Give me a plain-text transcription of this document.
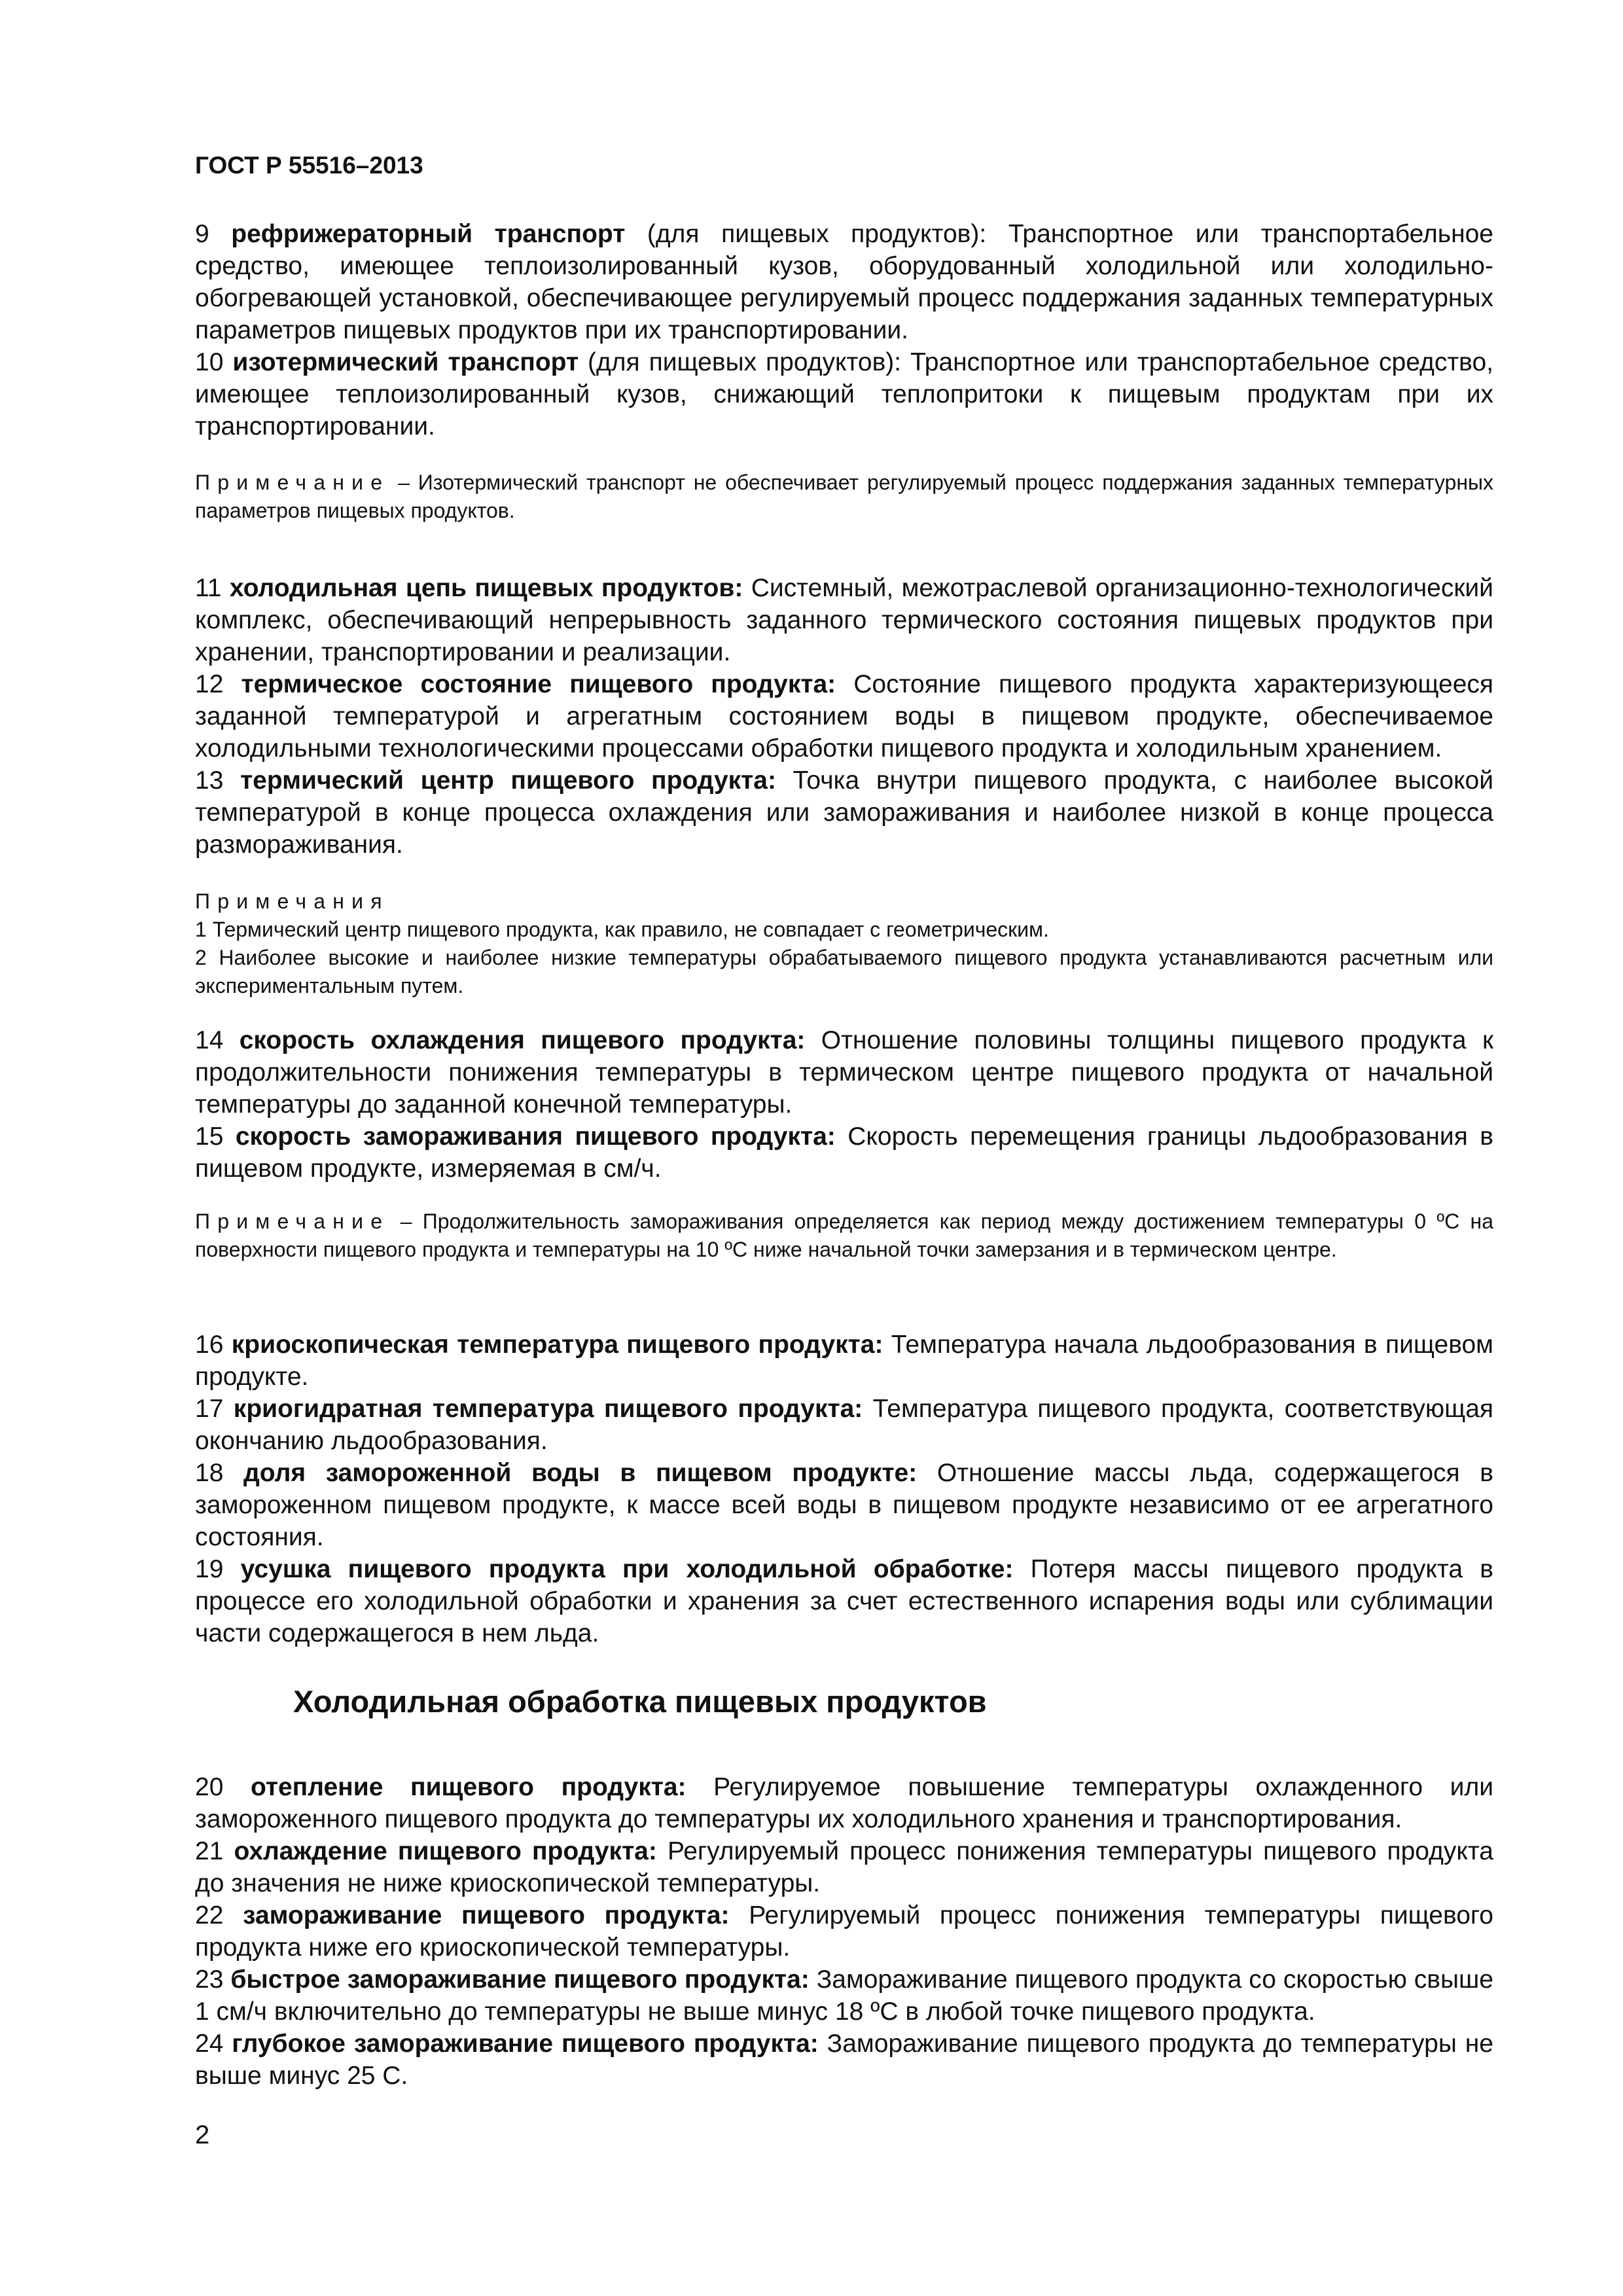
ГОСТ Р 55516–2013

9 рефрижераторный транспорт (для пищевых продуктов): Транспортное или транспортабельное средство, имеющее теплоизолированный кузов, оборудованный холодильной или холодильно-обогревающей установкой, обеспечивающее регулируемый процесс поддержания заданных температурных параметров пищевых продуктов при их транспортировании.

10 изотермический транспорт (для пищевых продуктов): Транспортное или транспортабельное средство, имеющее теплоизолированный кузов, снижающий теплопритоки к пищевым продуктам при их транспортировании.

Примечание – Изотермический транспорт не обеспечивает регулируемый процесс поддержания заданных температурных параметров пищевых продуктов.

11 холодильная цепь пищевых продуктов: Системный, межотраслевой организационно-технологический комплекс, обеспечивающий непрерывность заданного термического состояния пищевых продуктов при хранении, транспортировании и реализации.

12 термическое состояние пищевого продукта: Состояние пищевого продукта характеризующееся заданной температурой и агрегатным состоянием воды в пищевом продукте, обеспечиваемое холодильными технологическими процессами обработки пищевого продукта и холодильным хранением.

13 термический центр пищевого продукта: Точка внутри пищевого продукта, с наиболее высокой температурой в конце процесса охлаждения или замораживания и наиболее низкой в конце процесса размораживания.

Примечания

1 Термический центр пищевого продукта, как правило, не совпадает с геометрическим.

2 Наиболее высокие и наиболее низкие температуры обрабатываемого пищевого продукта устанавливаются расчетным или экспериментальным путем.

14 скорость охлаждения пищевого продукта: Отношение половины толщины пищевого продукта к продолжительности понижения температуры в термическом центре пищевого продукта от начальной температуры до заданной конечной температуры.

15 скорость замораживания пищевого продукта: Скорость перемещения границы льдообразования в пищевом продукте, измеряемая в см/ч.

Примечание – Продолжительность замораживания определяется как период между достижением температуры 0 ºС на поверхности пищевого продукта и температуры на 10 ºС ниже начальной точки замерзания и в термическом центре.

16 криоскопическая температура пищевого продукта: Температура начала льдообразования в пищевом продукте.

17 криогидратная температура пищевого продукта: Температура пищевого продукта, соответствующая окончанию льдообразования.

18 доля замороженной воды в пищевом продукте: Отношение массы льда, содержащегося в замороженном пищевом продукте, к массе всей воды в пищевом продукте независимо от ее агрегатного состояния.

19 усушка пищевого продукта при холодильной обработке: Потеря массы пищевого продукта в процессе его холодильной обработки и хранения за счет естественного испарения воды или сублимации части содержащегося в нем льда.

Холодильная обработка пищевых продуктов

20 отепление пищевого продукта: Регулируемое повышение температуры охлажденного или замороженного пищевого продукта до температуры их холодильного хранения и транспортирования.

21 охлаждение пищевого продукта: Регулируемый процесс понижения температуры пищевого продукта до значения не ниже криоскопической температуры.

22 замораживание пищевого продукта: Регулируемый процесс понижения температуры пищевого продукта ниже его криоскопической температуры.

23 быстрое замораживание пищевого продукта: Замораживание пищевого продукта со скоростью свыше 1 см/ч включительно до температуры не выше минус 18 ºС в любой точке пищевого продукта.

24 глубокое замораживание пищевого продукта: Замораживание пищевого продукта до температуры не выше минус 25 С.

2
